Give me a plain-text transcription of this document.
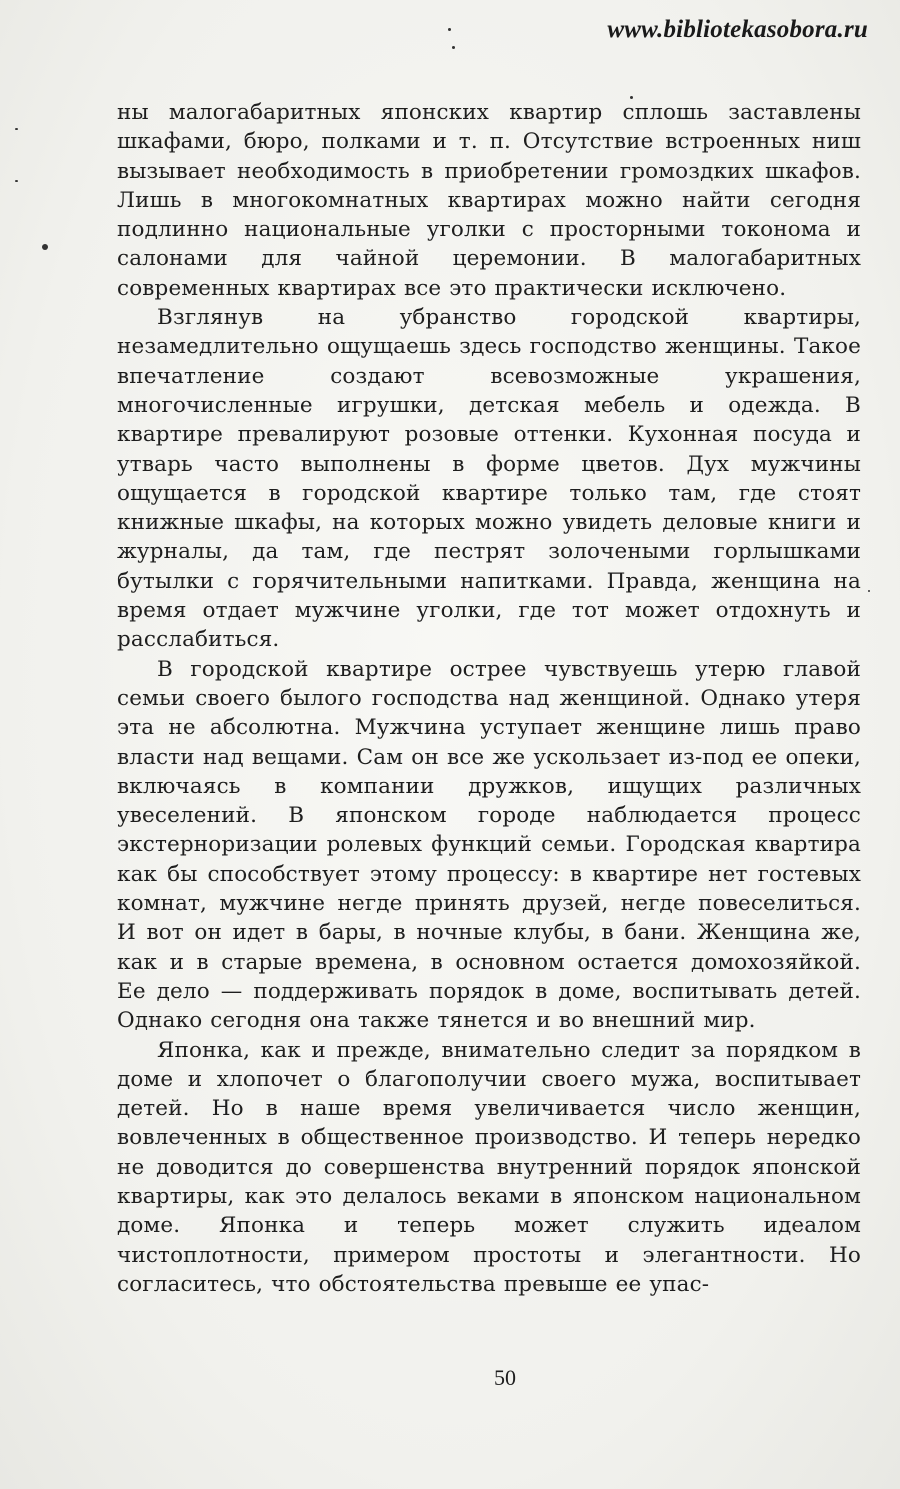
www.bibliotekasobora.ru

ны малогабаритных японских квартир сплошь заставлены шкафами, бюро, полками и т. п. Отсутствие встроенных ниш вызывает необходимость в приобретении громоздких шкафов. Лишь в многокомнатных квартирах можно найти сегодня подлинно национальные уголки с просторными токонома и салонами для чайной церемонии. В малогабаритных современных квартирах все это практически исключено.

Взглянув на убранство городской квартиры, незамедлительно ощущаешь здесь господство женщины. Такое впечатление создают всевозможные украшения, многочисленные игрушки, детская мебель и одежда. В квартире превалируют розовые оттенки. Кухонная посуда и утварь часто выполнены в форме цветов. Дух мужчины ощущается в городской квартире только там, где стоят книжные шкафы, на которых можно увидеть деловые книги и журналы, да там, где пестрят золочеными горлышками бутылки с горячительными напитками. Правда, женщина на время отдает мужчине уголки, где тот может отдохнуть и расслабиться.

В городской квартире острее чувствуешь утерю главой семьи своего былого господства над женщиной. Однако утеря эта не абсолютна. Мужчина уступает женщине лишь право власти над вещами. Сам он все же ускользает из-под ее опеки, включаясь в компании дружков, ищущих различных увеселений. В японском городе наблюдается процесс экстерноризации ролевых функций семьи. Городская квартира как бы способствует этому процессу: в квартире нет гостевых комнат, мужчине негде принять друзей, негде повеселиться. И вот он идет в бары, в ночные клубы, в бани. Женщина же, как и в старые времена, в основном остается домохозяйкой. Ее дело — поддерживать порядок в доме, воспитывать детей. Однако сегодня она также тянется и во внешний мир.

Японка, как и прежде, внимательно следит за порядком в доме и хлопочет о благополучии своего мужа, воспитывает детей. Но в наше время увеличивается число женщин, вовлеченных в общественное производство. И теперь нередко не доводится до совершенства внутренний порядок японской квартиры, как это делалось веками в японском национальном доме. Японка и теперь может служить идеалом чистоплотности, примером простоты и элегантности. Но согласитесь, что обстоятельства превыше ее упас-

50
